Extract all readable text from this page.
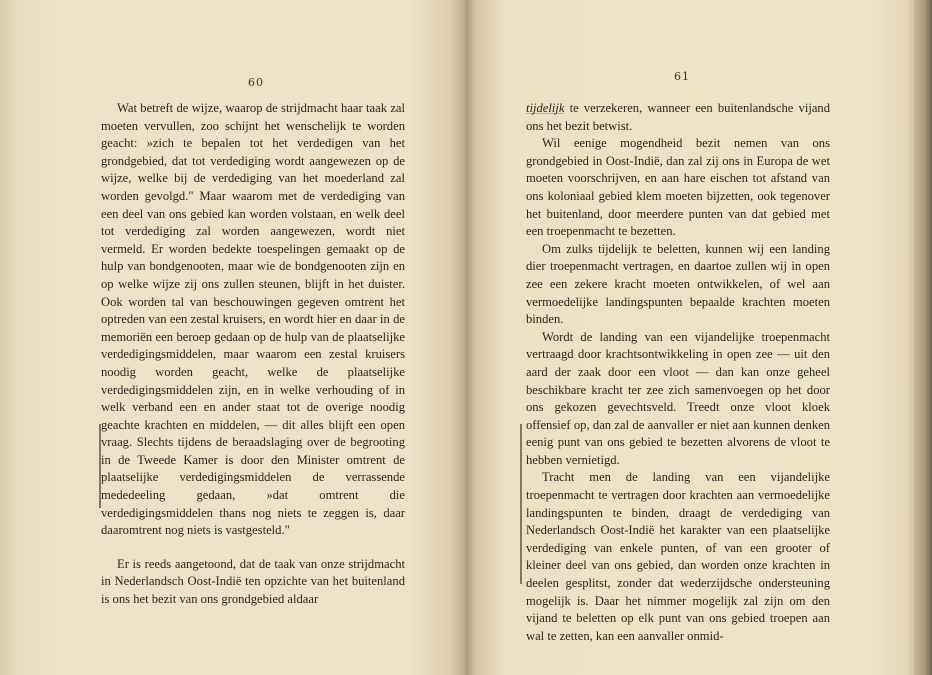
60

Wat betreft de wijze, waarop de strijdmacht haar taak zal moeten vervullen, zoo schijnt het wenschelijk te worden geacht: »zich te bepalen tot het verdedigen van het grondgebied, dat tot verdediging wordt aangewezen op de wijze, welke bij de verdediging van het moederland zal worden gevolgd." Maar waarom met de verdediging van een deel van ons gebied kan worden volstaan, en welk deel tot verdediging zal worden aangewezen, wordt niet vermeld. Er worden bedekte toespelingen gemaakt op de hulp van bondgenooten, maar wie de bondgenooten zijn en op welke wijze zij ons zullen steunen, blijft in het duister. Ook worden tal van beschouwingen gegeven omtrent het optreden van een zestal kruisers, en wordt hier en daar in de memoriën een beroep gedaan op de hulp van de plaatselijke verdedigingsmiddelen, maar waarom een zestal kruisers noodig worden geacht, welke de plaatselijke verdedigingsmiddelen zijn, en in welke verhouding of in welk verband een en ander staat tot de overige noodig geachte krachten en middelen, — dit alles blijft een open vraag. Slechts tijdens de beraadslaging over de begrooting in de Tweede Kamer is door den Minister omtrent de plaatselijke verdedigingsmiddelen de verrassende mededeeling gedaan, »dat omtrent die verdedigingsmiddelen thans nog niets te zeggen is, daar daaromtrent nog niets is vastgesteld."

Er is reeds aangetoond, dat de taak van onze strijdmacht in Nederlandsch Oost-Indië ten opzichte van het buitenland is ons het bezit van ons grondgebied aldaar

61

tijdelijk te verzekeren, wanneer een buitenlandsche vijand ons het bezit betwist.

Wil eenige mogendheid bezit nemen van ons grondgebied in Oost-Indië, dan zal zij ons in Europa de wet moeten voorschrijven, en aan hare eischen tot afstand van ons koloniaal gebied klem moeten bijzetten, ook tegenover het buitenland, door meerdere punten van dat gebied met een troepenmacht te bezetten.

Om zulks tijdelijk te beletten, kunnen wij een landing dier troepenmacht vertragen, en daartoe zullen wij in open zee een zekere kracht moeten ontwikkelen, of wel aan vermoedelijke landingspunten bepaalde krachten moeten binden.

Wordt de landing van een vijandelijke troepenmacht vertraagd door krachtsontwikkeling in open zee — uit den aard der zaak door een vloot — dan kan onze geheel beschikbare kracht ter zee zich samenvoegen op het door ons gekozen gevechtsveld. Treedt onze vloot kloek offensief op, dan zal de aanvaller er niet aan kunnen denken eenig punt van ons gebied te bezetten alvorens de vloot te hebben vernietigd.

Tracht men de landing van een vijandelijke troepenmacht te vertragen door krachten aan vermoedelijke landingspunten te binden, draagt de verdediging van Nederlandsch Oost-Indië het karakter van een plaatselijke verdediging van enkele punten, of van een grooter of kleiner deel van ons gebied, dan worden onze krachten in deelen gesplitst, zonder dat wederzijdsche ondersteuning mogelijk is. Daar het nimmer mogelijk zal zijn om den vijand te beletten op elk punt van ons gebied troepen aan wal te zetten, kan een aanvaller onmid-
